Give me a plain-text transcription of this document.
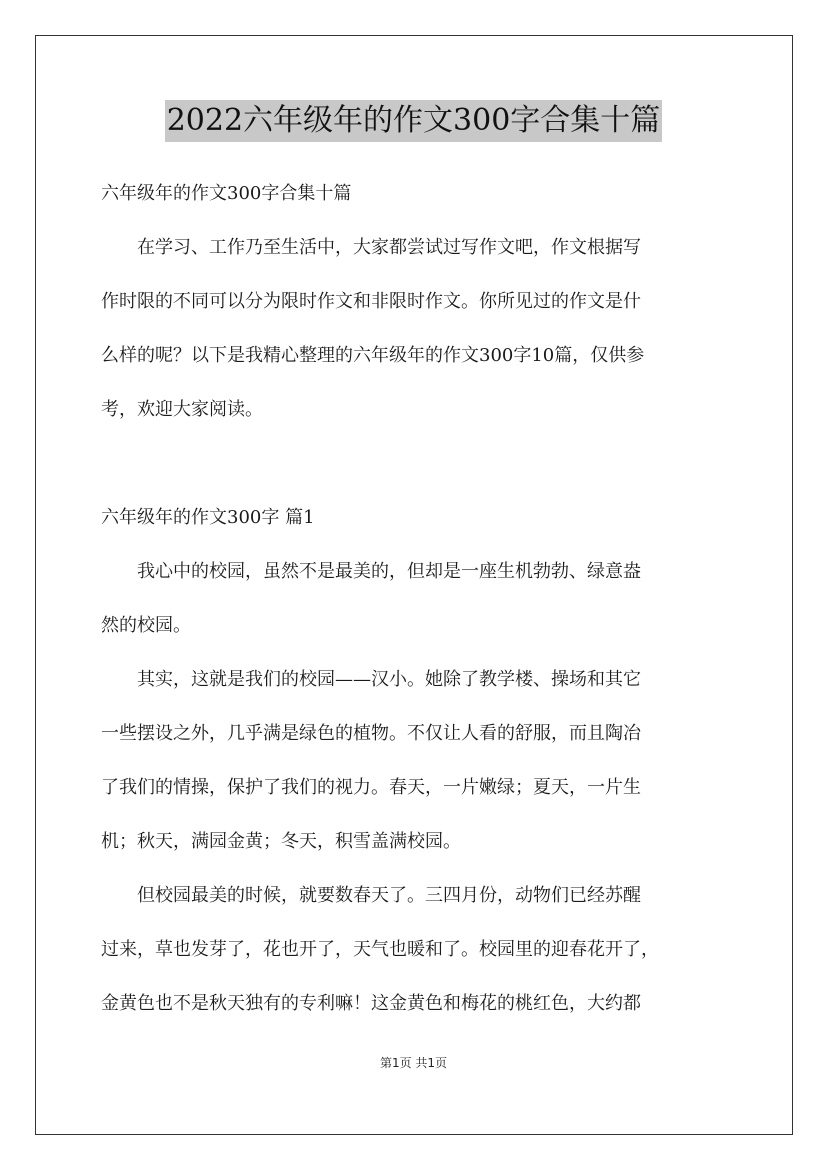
2022六年级年的作文300字合集十篇
六年级年的作文300字合集十篇
　　在学习、工作乃至生活中，大家都尝试过写作文吧，作文根据写
作时限的不同可以分为限时作文和非限时作文。你所见过的作文是什
么样的呢？以下是我精心整理的六年级年的作文300字10篇，仅供参
考，欢迎大家阅读。
六年级年的作文300字 篇1
　　我心中的校园，虽然不是最美的，但却是一座生机勃勃、绿意盎
然的校园。
　　其实，这就是我们的校园——汉小。她除了教学楼、操场和其它
一些摆设之外，几乎满是绿色的植物。不仅让人看的舒服，而且陶冶
了我们的情操，保护了我们的视力。春天，一片嫩绿；夏天，一片生
机；秋天，满园金黄；冬天，积雪盖满校园。
　　但校园最美的时候，就要数春天了。三四月份，动物们已经苏醒
过来，草也发芽了，花也开了，天气也暖和了。校园里的迎春花开了，
金黄色也不是秋天独有的专利嘛！这金黄色和梅花的桃红色，大约都
第1页 共1页
